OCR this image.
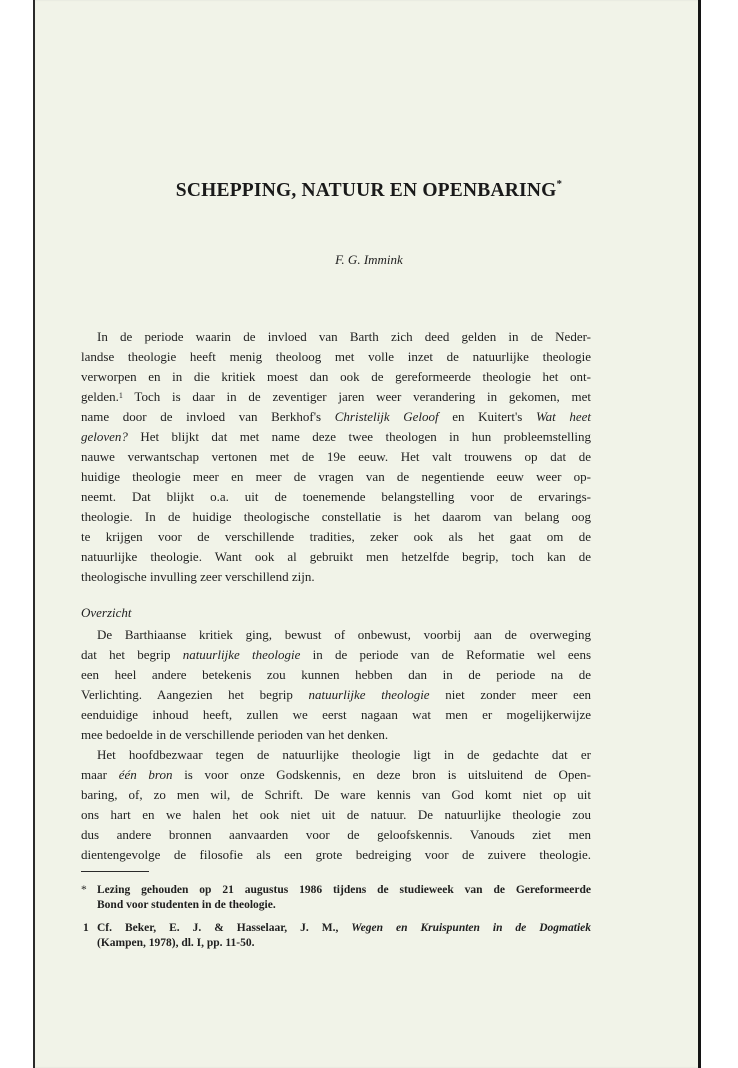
SCHEPPING, NATUUR EN OPENBARING*
F. G. Immink
In de periode waarin de invloed van Barth zich deed gelden in de Neder-
landse theologie heeft menig theoloog met volle inzet de natuurlijke theologie
verworpen en in die kritiek moest dan ook de gereformeerde theologie het ont-
gelden.$^1$ Toch is daar in de zeventiger jaren weer verandering in gekomen, met
name door de invloed van Berkhof's Christelijk Geloof en Kuitert's Wat heet
geloven? Het blijkt dat met name deze twee theologen in hun probleemstelling
nauwe verwantschap vertonen met de 19e eeuw. Het valt trouwens op dat de
huidige theologie meer en meer de vragen van de negentiende eeuw weer op-
neemt. Dat blijkt o.a. uit de toenemende belangstelling voor de ervarings-
theologie. In de huidige theologische constellatie is het daarom van belang oog
te krijgen voor de verschillende tradities, zeker ook als het gaat om de
natuurlijke theologie. Want ook al gebruikt men hetzelfde begrip, toch kan de
theologische invulling zeer verschillend zijn.
Overzicht
De Barthiaanse kritiek ging, bewust of onbewust, voorbij aan de overweging
dat het begrip natuurlijke theologie in de periode van de Reformatie wel eens
een heel andere betekenis zou kunnen hebben dan in de periode na de
Verlichting. Aangezien het begrip natuurlijke theologie niet zonder meer een
eenduidige inhoud heeft, zullen we eerst nagaan wat men er mogelijkerwijze
mee bedoelde in de verschillende perioden van het denken.
Het hoofdbezwaar tegen de natuurlijke theologie ligt in de gedachte dat er
maar één bron is voor onze Godskennis, en deze bron is uitsluitend de Open-
baring, of, zo men wil, de Schrift. De ware kennis van God komt niet op uit
ons hart en we halen het ook niet uit de natuur. De natuurlijke theologie zou
dus andere bronnen aanvaarden voor de geloofskennis. Vanouds ziet men
dientengevolge de filosofie als een grote bedreiging voor de zuivere theologie.
* Lezing gehouden op 21 augustus 1986 tijdens de studieweek van de Gereformeerde
Bond voor studenten in de theologie.
1 Cf. Beker, E. J. & Hasselaar, J. M., Wegen en Kruispunten in de Dogmatiek
(Kampen, 1978), dl. I, pp. 11-50.
